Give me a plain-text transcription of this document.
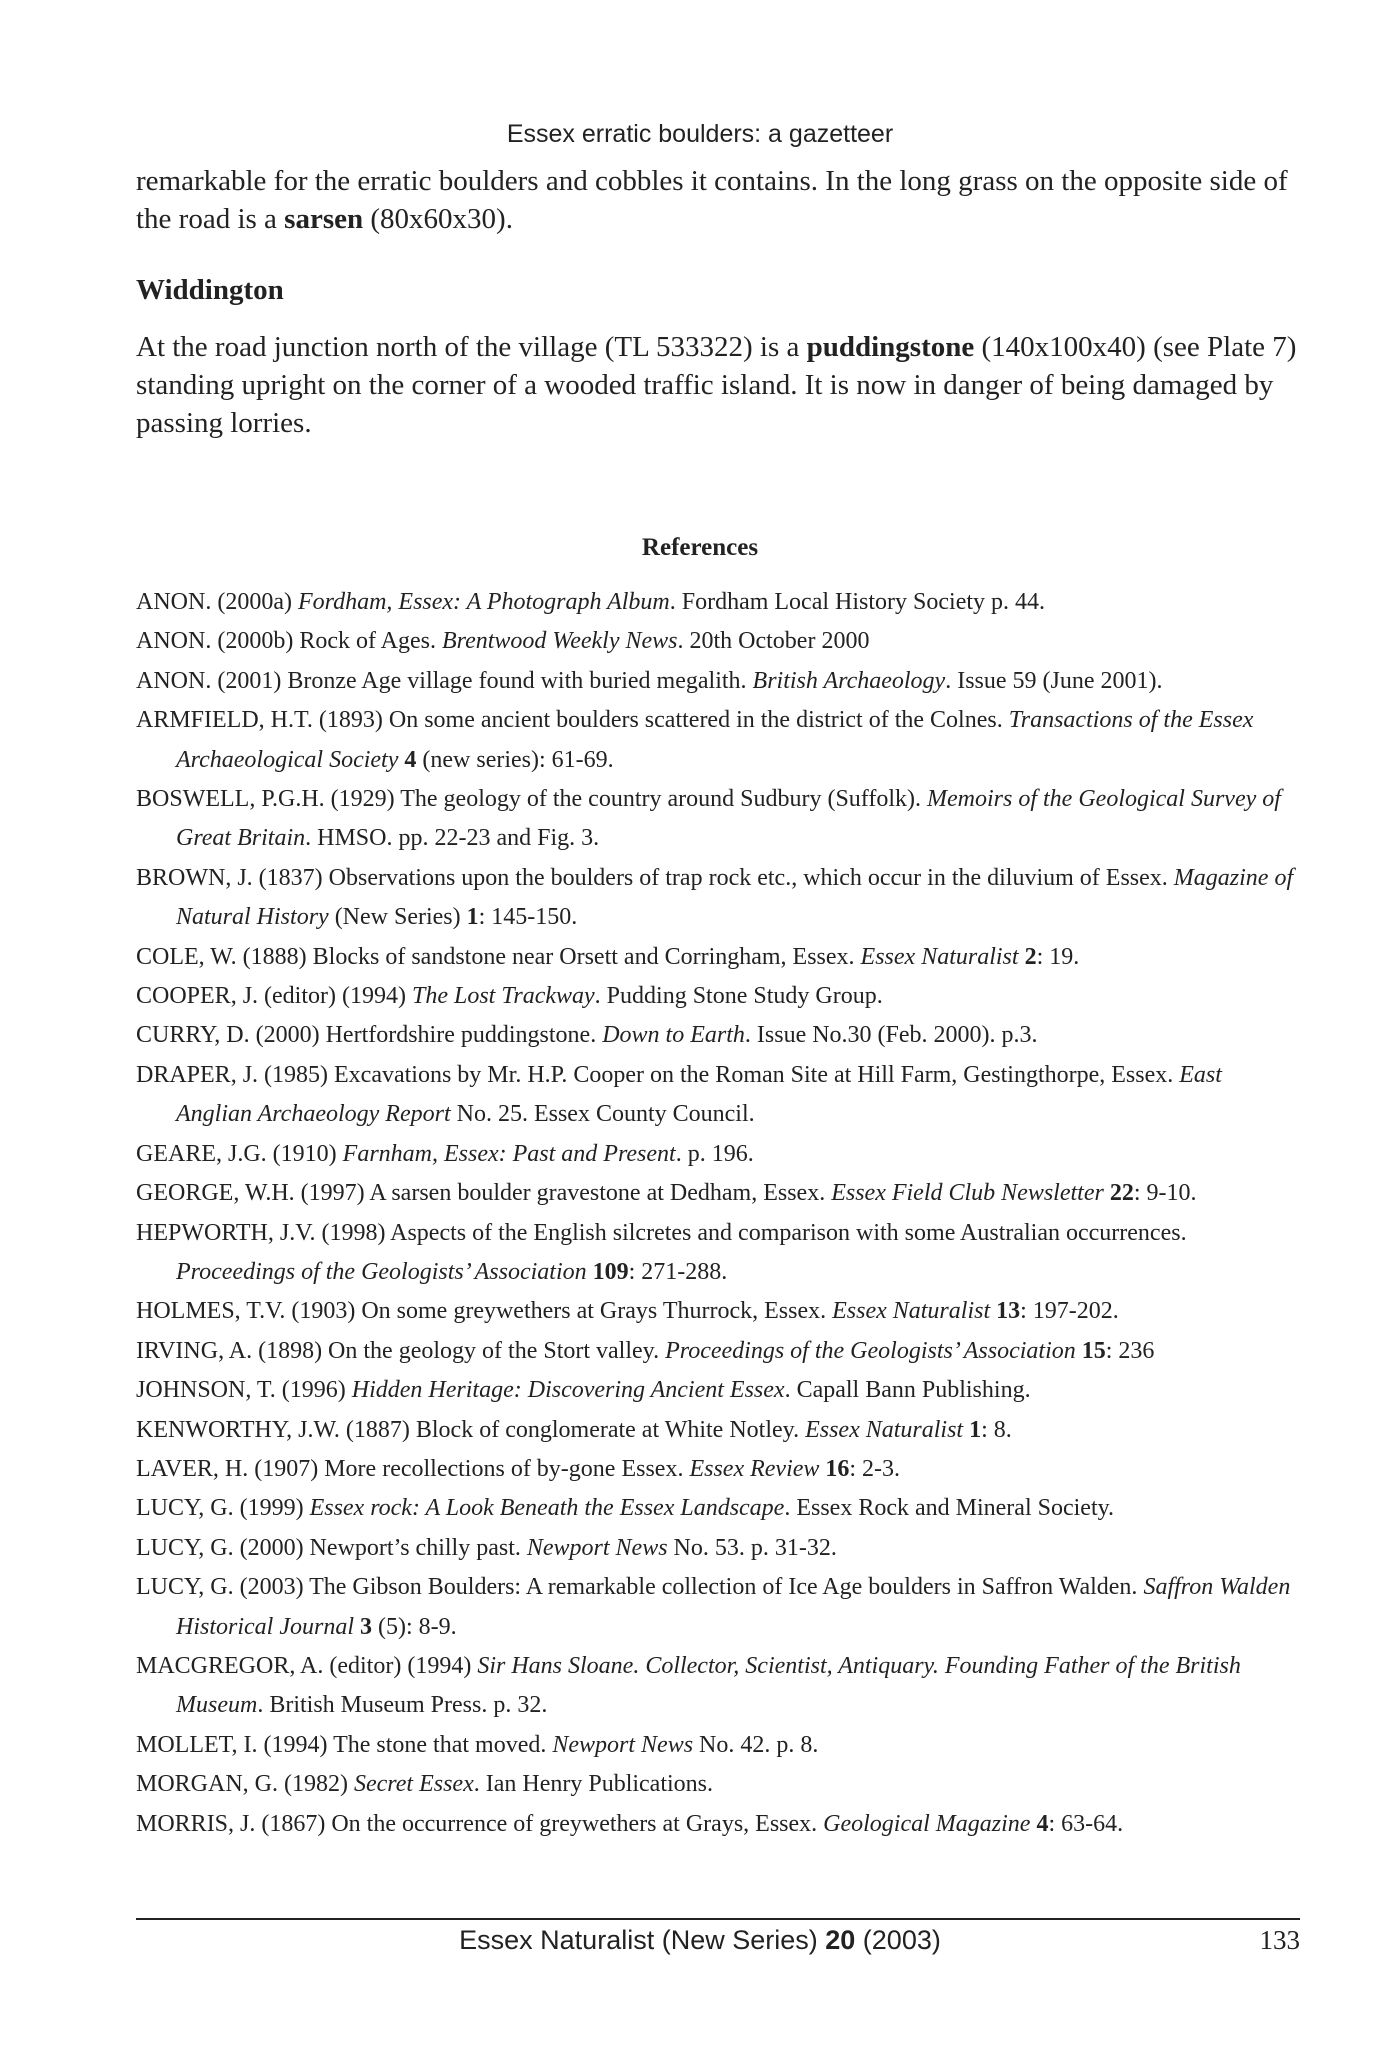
Essex erratic boulders: a gazetteer
remarkable for the erratic boulders and cobbles it contains. In the long grass on the opposite side of the road is a sarsen (80x60x30).
Widdington
At the road junction north of the village (TL 533322) is a puddingstone (140x100x40) (see Plate 7) standing upright on the corner of a wooded traffic island. It is now in danger of being damaged by passing lorries.
References
ANON. (2000a) Fordham, Essex: A Photograph Album. Fordham Local History Society p. 44.
ANON. (2000b) Rock of Ages. Brentwood Weekly News. 20th October 2000
ANON. (2001) Bronze Age village found with buried megalith. British Archaeology. Issue 59 (June 2001).
ARMFIELD, H.T. (1893) On some ancient boulders scattered in the district of the Colnes. Transactions of the Essex Archaeological Society 4 (new series): 61-69.
BOSWELL, P.G.H. (1929) The geology of the country around Sudbury (Suffolk). Memoirs of the Geological Survey of Great Britain. HMSO. pp. 22-23 and Fig. 3.
BROWN, J. (1837) Observations upon the boulders of trap rock etc., which occur in the diluvium of Essex. Magazine of Natural History (New Series) 1: 145-150.
COLE, W. (1888) Blocks of sandstone near Orsett and Corringham, Essex. Essex Naturalist 2: 19.
COOPER, J. (editor) (1994) The Lost Trackway. Pudding Stone Study Group.
CURRY, D. (2000) Hertfordshire puddingstone. Down to Earth. Issue No.30 (Feb. 2000). p.3.
DRAPER, J. (1985) Excavations by Mr. H.P. Cooper on the Roman Site at Hill Farm, Gestingthorpe, Essex. East Anglian Archaeology Report No. 25. Essex County Council.
GEARE, J.G. (1910) Farnham, Essex: Past and Present. p. 196.
GEORGE, W.H. (1997) A sarsen boulder gravestone at Dedham, Essex. Essex Field Club Newsletter 22: 9-10.
HEPWORTH, J.V. (1998) Aspects of the English silcretes and comparison with some Australian occurrences. Proceedings of the Geologists’ Association 109: 271-288.
HOLMES, T.V. (1903) On some greywethers at Grays Thurrock, Essex. Essex Naturalist 13: 197-202.
IRVING, A. (1898) On the geology of the Stort valley. Proceedings of the Geologists’ Association 15: 236
JOHNSON, T. (1996) Hidden Heritage: Discovering Ancient Essex. Capall Bann Publishing.
KENWORTHY, J.W. (1887) Block of conglomerate at White Notley. Essex Naturalist 1: 8.
LAVER, H. (1907) More recollections of by-gone Essex. Essex Review 16: 2-3.
LUCY, G. (1999) Essex rock: A Look Beneath the Essex Landscape. Essex Rock and Mineral Society.
LUCY, G. (2000) Newport’s chilly past. Newport News No. 53. p. 31-32.
LUCY, G. (2003) The Gibson Boulders: A remarkable collection of Ice Age boulders in Saffron Walden. Saffron Walden Historical Journal 3 (5): 8-9.
MACGREGOR, A. (editor) (1994) Sir Hans Sloane. Collector, Scientist, Antiquary. Founding Father of the British Museum. British Museum Press. p. 32.
MOLLET, I. (1994) The stone that moved. Newport News No. 42. p. 8.
MORGAN, G. (1982) Secret Essex. Ian Henry Publications.
MORRIS, J. (1867) On the occurrence of greywethers at Grays, Essex. Geological Magazine 4: 63-64.
Essex Naturalist (New Series) 20 (2003)	133
